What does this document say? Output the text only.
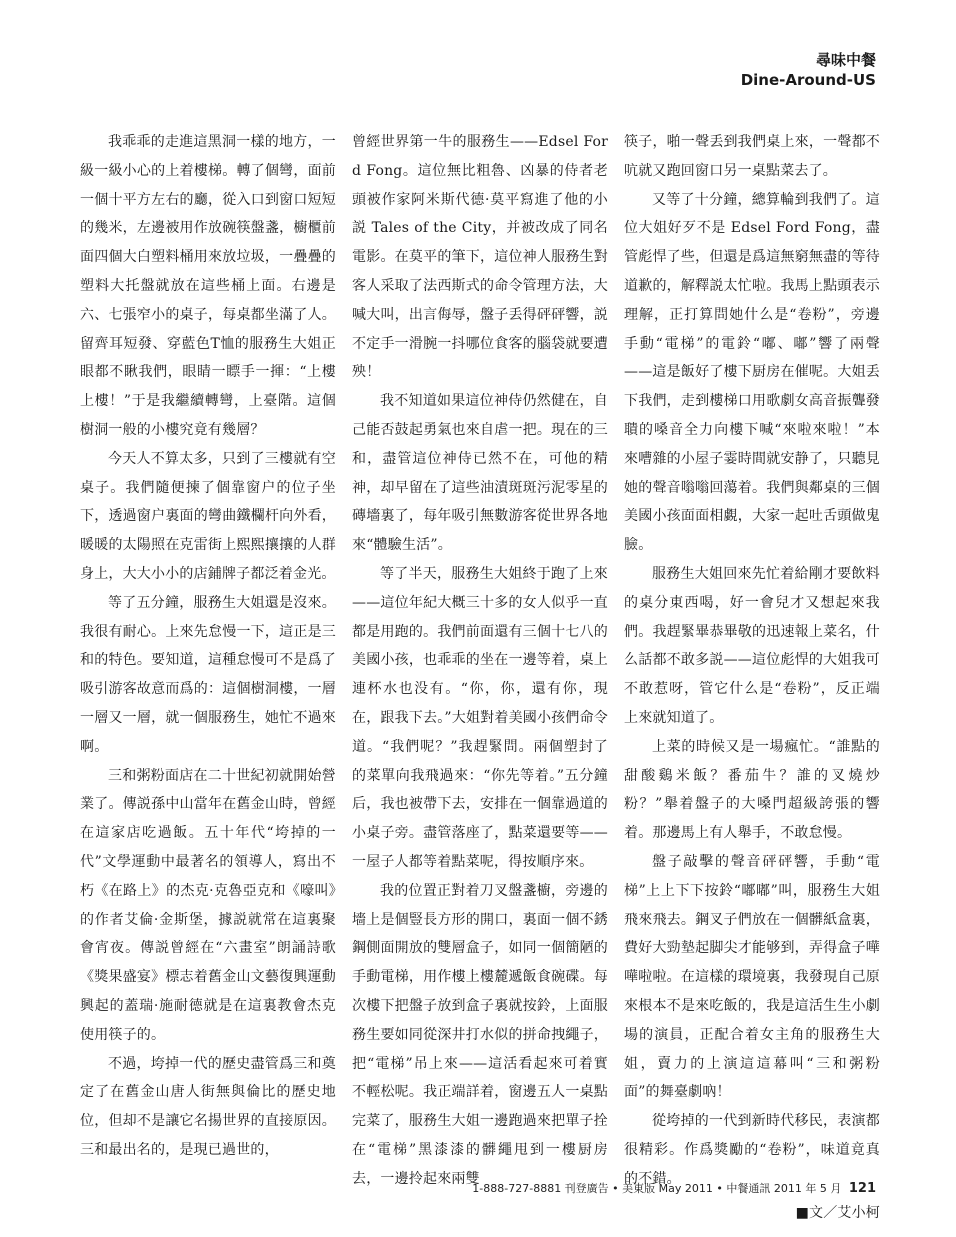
尋味中餐
Dine-Around-US

我乖乖的走進這黑洞一樣的地方，一級一級小心的上着樓梯。轉了個彎，面前一個十平方左右的廳，從入口到窗口短短的幾米，左邊被用作放碗筷盤盞，櫥櫃前面四個大白塑料桶用來放垃圾，一疊疊的塑料大托盤就放在這些桶上面。右邊是六、七張窄小的桌子，每桌都坐滿了人。留齊耳短發、穿藍色T恤的服務生大姐正眼都不瞅我們，眼睛一瞟手一揮：“上樓上樓！”于是我繼續轉彎，上臺階。這個樹洞一般的小樓究竟有幾層？

今天人不算太多，只到了三樓就有空桌子。我們隨便揀了個靠窗户的位子坐下，透過窗户裏面的彎曲鐵欄杆向外看，暖暖的太陽照在克雷街上熙熙攘攘的人群身上，大大小小的店鋪牌子都泛着金光。

等了五分鐘，服務生大姐還是沒來。我很有耐心。上來先怠慢一下，這正是三和的特色。要知道，這種怠慢可不是爲了吸引游客故意而爲的：這個樹洞樓，一層一層又一層，就一個服務生，她忙不過來啊。

三和粥粉面店在二十世紀初就開始營業了。傳説孫中山當年在舊金山時，曾經在這家店吃過飯。五十年代“垮掉的一代”文學運動中最著名的領導人，寫出不朽《在路上》的杰克·克魯亞克和《嚎叫》的作者艾倫·金斯堡，據説就常在這裏聚會宵夜。傳説曾經在“六畫室”朗誦詩歌《獎果盛宴》標志着舊金山文藝復興運動興起的蓋瑞·施耐德就是在這裏教會杰克使用筷子的。

不過，垮掉一代的歷史盡管爲三和奠定了在舊金山唐人街無與倫比的歷史地位，但却不是讓它名揚世界的直接原因。三和最出名的，是現已過世的，

曾經世界第一牛的服務生——Edsel Ford Fong。這位無比粗魯、凶暴的侍者老頭被作家阿米斯代德·莫平寫進了他的小説 Tales of the City，并被改成了同名電影。在莫平的筆下，這位神人服務生對客人采取了法西斯式的命令管理方法，大喊大叫，出言侮辱，盤子丢得砰砰響，説不定手一滑腕一抖哪位食客的腦袋就要遭殃！

我不知道如果這位神侍仍然健在，自己能否鼓起勇氣也來自虐一把。現在的三和，盡管這位神侍已然不在，可他的精神，却早留在了這些油漬斑斑污泥零星的磚墻裏了，每年吸引無數游客從世界各地來“體驗生活”。

等了半天，服務生大姐終于跑了上來——這位年紀大概三十多的女人似乎一直都是用跑的。我們前面還有三個十七八的美國小孩，也乖乖的坐在一邊等着，桌上連杯水也没有。“你，你，還有你，現在，跟我下去。”大姐對着美國小孩們命令道。“我們呢？”我趕緊問。兩個塑封了的菜單向我飛過來：“你先等着。”五分鐘后，我也被帶下去，安排在一個靠過道的小桌子旁。盡管落座了，點菜還要等——一屋子人都等着點菜呢，得按順序來。

我的位置正對着刀叉盤盞櫥，旁邊的墻上是個豎長方形的開口，裏面一個不銹鋼側面開放的雙層盒子，如同一個簡陋的手動電梯，用作樓上樓麓遞飯食碗碟。每次樓下把盤子放到盒子裏就按鈴，上面服務生要如同從深井打水似的拼命拽繩子，把“電梯”吊上來——這活看起來可着實不輕松呢。我正端詳着，窗邊五人一桌點完菜了，服務生大姐一邊跑過來把單子拴在“電梯”黑漆漆的髒繩甩到一樓厨房去，一邊拎起來兩雙

筷子，啪一聲丢到我們桌上來，一聲都不吭就又跑回窗口另一桌點菜去了。

又等了十分鐘，總算輪到我們了。這位大姐好歹不是 Edsel Ford Fong，盡管彪悍了些，但還是爲這無窮無盡的等待道歉的，解釋説太忙啦。我馬上點頭表示理解，正打算問她什么是“卷粉”，旁邊手動“電梯”的電鈴“嘟、嘟”響了兩聲——這是飯好了樓下厨房在催呢。大姐丢下我們，走到樓梯口用歌劇女高音振聾發聵的嗓音全力向樓下喊“來啦來啦！”本來嘈雜的小屋子霎時間就安静了，只聽見她的聲音嗡嗡回蕩着。我們與鄰桌的三個美國小孩面面相覷，大家一起吐舌頭做鬼臉。

服務生大姐回來先忙着給剛才要飲料的桌分東西喝，好一會兒才又想起來我們。我趕緊畢恭畢敬的迅速報上菜名，什么話都不敢多説——這位彪悍的大姐我可不敢惹呀，管它什么是“卷粉”，反正端上來就知道了。

上菜的時候又是一場瘋忙。“誰點的甜酸鷄米飯？番茄牛？誰的叉燒炒粉？”舉着盤子的大嗓門超級誇張的響着。那邊馬上有人舉手，不敢怠慢。

盤子敲擊的聲音砰砰響，手動“電梯”上上下下按鈴“嘟嘟”叫，服務生大姐飛來飛去。鋼叉子們放在一個髒紙盒裏，費好大勁墊起脚尖才能够到，弄得盒子嘩嘩啦啦。在這樣的環境裏，我發現自己原來根本不是來吃飯的，我是這活生生小劇場的演員，正配合着女主角的服務生大姐，賣力的上演這這幕叫“三和粥粉面”的舞臺劇吶！

從垮掉的一代到新時代移民，表演都很精彩。作爲獎勵的“卷粉”，味道竟真的不錯。

■文／艾小柯

1-888-727-8881 刊登廣告 • 美東版 May 2011 • 中餐通訊 2011 年 5 月 121
